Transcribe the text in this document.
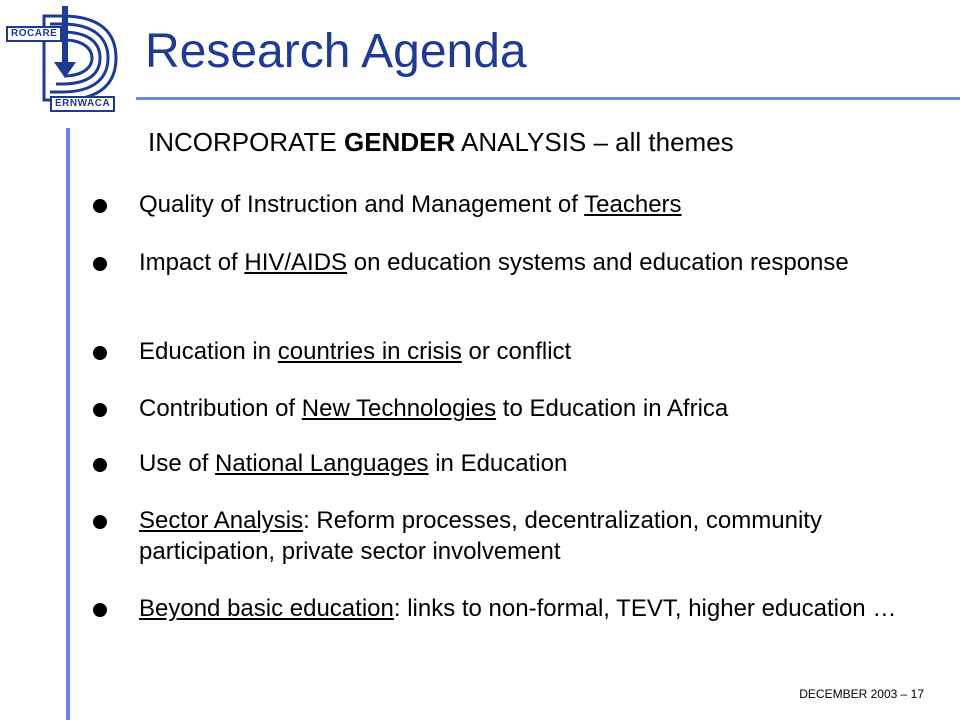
ROCARE
ERNWACA
Research Agenda
INCORPORATE GENDER ANALYSIS – all themes
Quality of Instruction and Management of Teachers
Impact of HIV/AIDS on education systems and education response
Education in countries in crisis or conflict
Contribution of New Technologies to Education in Africa
Use of National Languages in Education
Sector Analysis: Reform processes, decentralization, community participation, private sector involvement
Beyond basic education: links to non-formal, TEVT, higher education …
DECEMBER 2003 – 17
